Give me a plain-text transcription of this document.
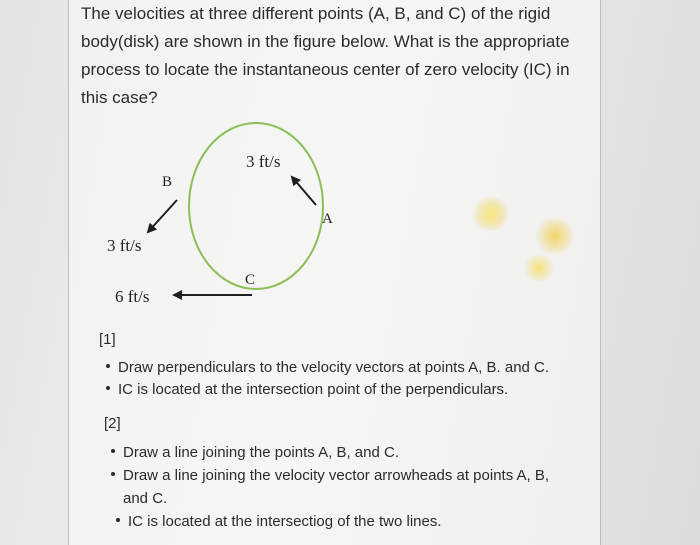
The velocities at three different points (A, B, and C) of the rigid body(disk) are shown in the figure below. What is the appropriate process to locate the instantaneous center of zero velocity (IC) in this case?

3 ft/s
A
B
3 ft/s
C
6 ft/s
[1]
Draw perpendiculars to the velocity vectors at points A, B. and C.
IC is located at the intersection point of the perpendiculars.
[2]
Draw a line joining the points A, B, and C.
Draw a line joining the velocity vector arrowheads at points A, B,
and C.
IC is located at the intersectiog of the two lines.
